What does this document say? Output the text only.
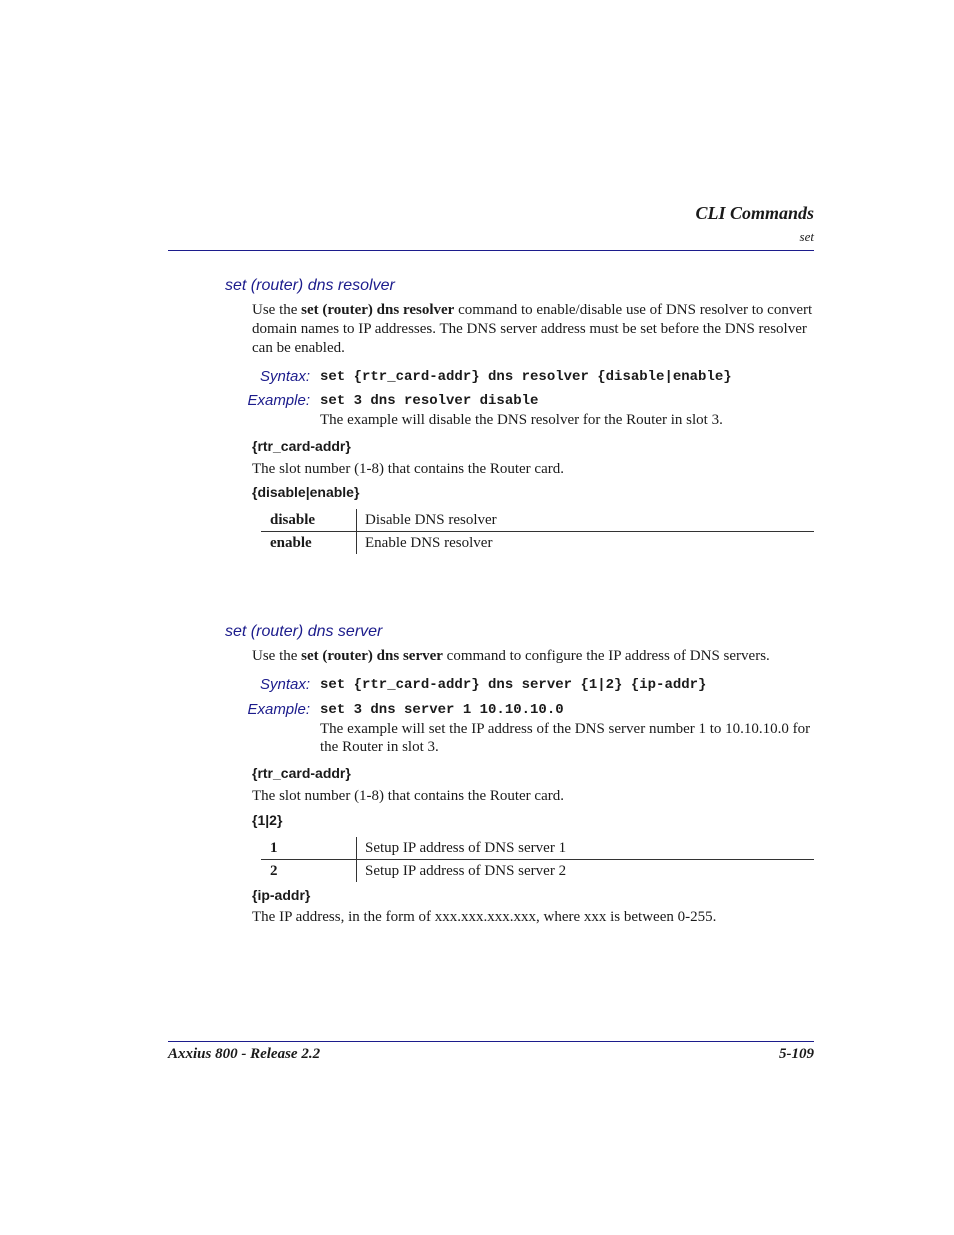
CLI Commands
set
set (router) dns resolver
Use the set (router) dns resolver command to enable/disable use of DNS resolver to convert domain names to IP addresses. The DNS server address must be set before the DNS resolver can be enabled.
Syntax: set {rtr_card-addr} dns resolver {disable|enable}
Example: set 3 dns resolver disable
The example will disable the DNS resolver for the Router in slot 3.
{rtr_card-addr}
The slot number (1-8) that contains the Router card.
{disable|enable}
disable	Disable DNS resolver
enable	Enable DNS resolver
set (router) dns server
Use the set (router) dns server command to configure the IP address of DNS servers.
Syntax: set {rtr_card-addr} dns server {1|2} {ip-addr}
Example: set 3 dns server 1 10.10.10.0
The example will set the IP address of the DNS server number 1 to 10.10.10.0 for the Router in slot 3.
{rtr_card-addr}
The slot number (1-8) that contains the Router card.
{1|2}
1	Setup IP address of DNS server 1
2	Setup IP address of DNS server 2
{ip-addr}
The IP address, in the form of xxx.xxx.xxx.xxx, where xxx is between 0-255.
Axxius 800 - Release 2.2	5-109
